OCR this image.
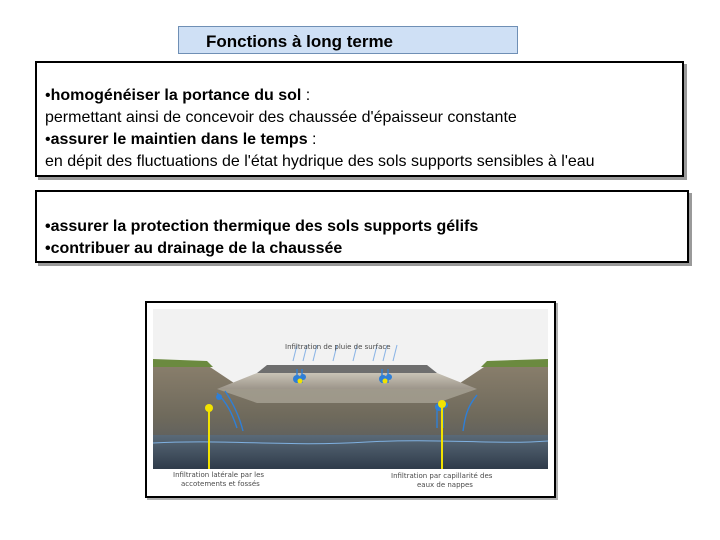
Fonctions à long terme
•homogénéiser la portance du sol :
permettant ainsi de concevoir des chaussée d'épaisseur constante
•assurer le maintien dans le temps :
en dépit des fluctuations de l'état hydrique des sols supports sensibles à l'eau
•assurer la protection thermique des sols supports gélifs
•contribuer au drainage de la chaussée
Infiltration de pluie de surface
Infiltration latérale par les
accotements et fossés
Infiltration par capillarité des
eaux de nappes
